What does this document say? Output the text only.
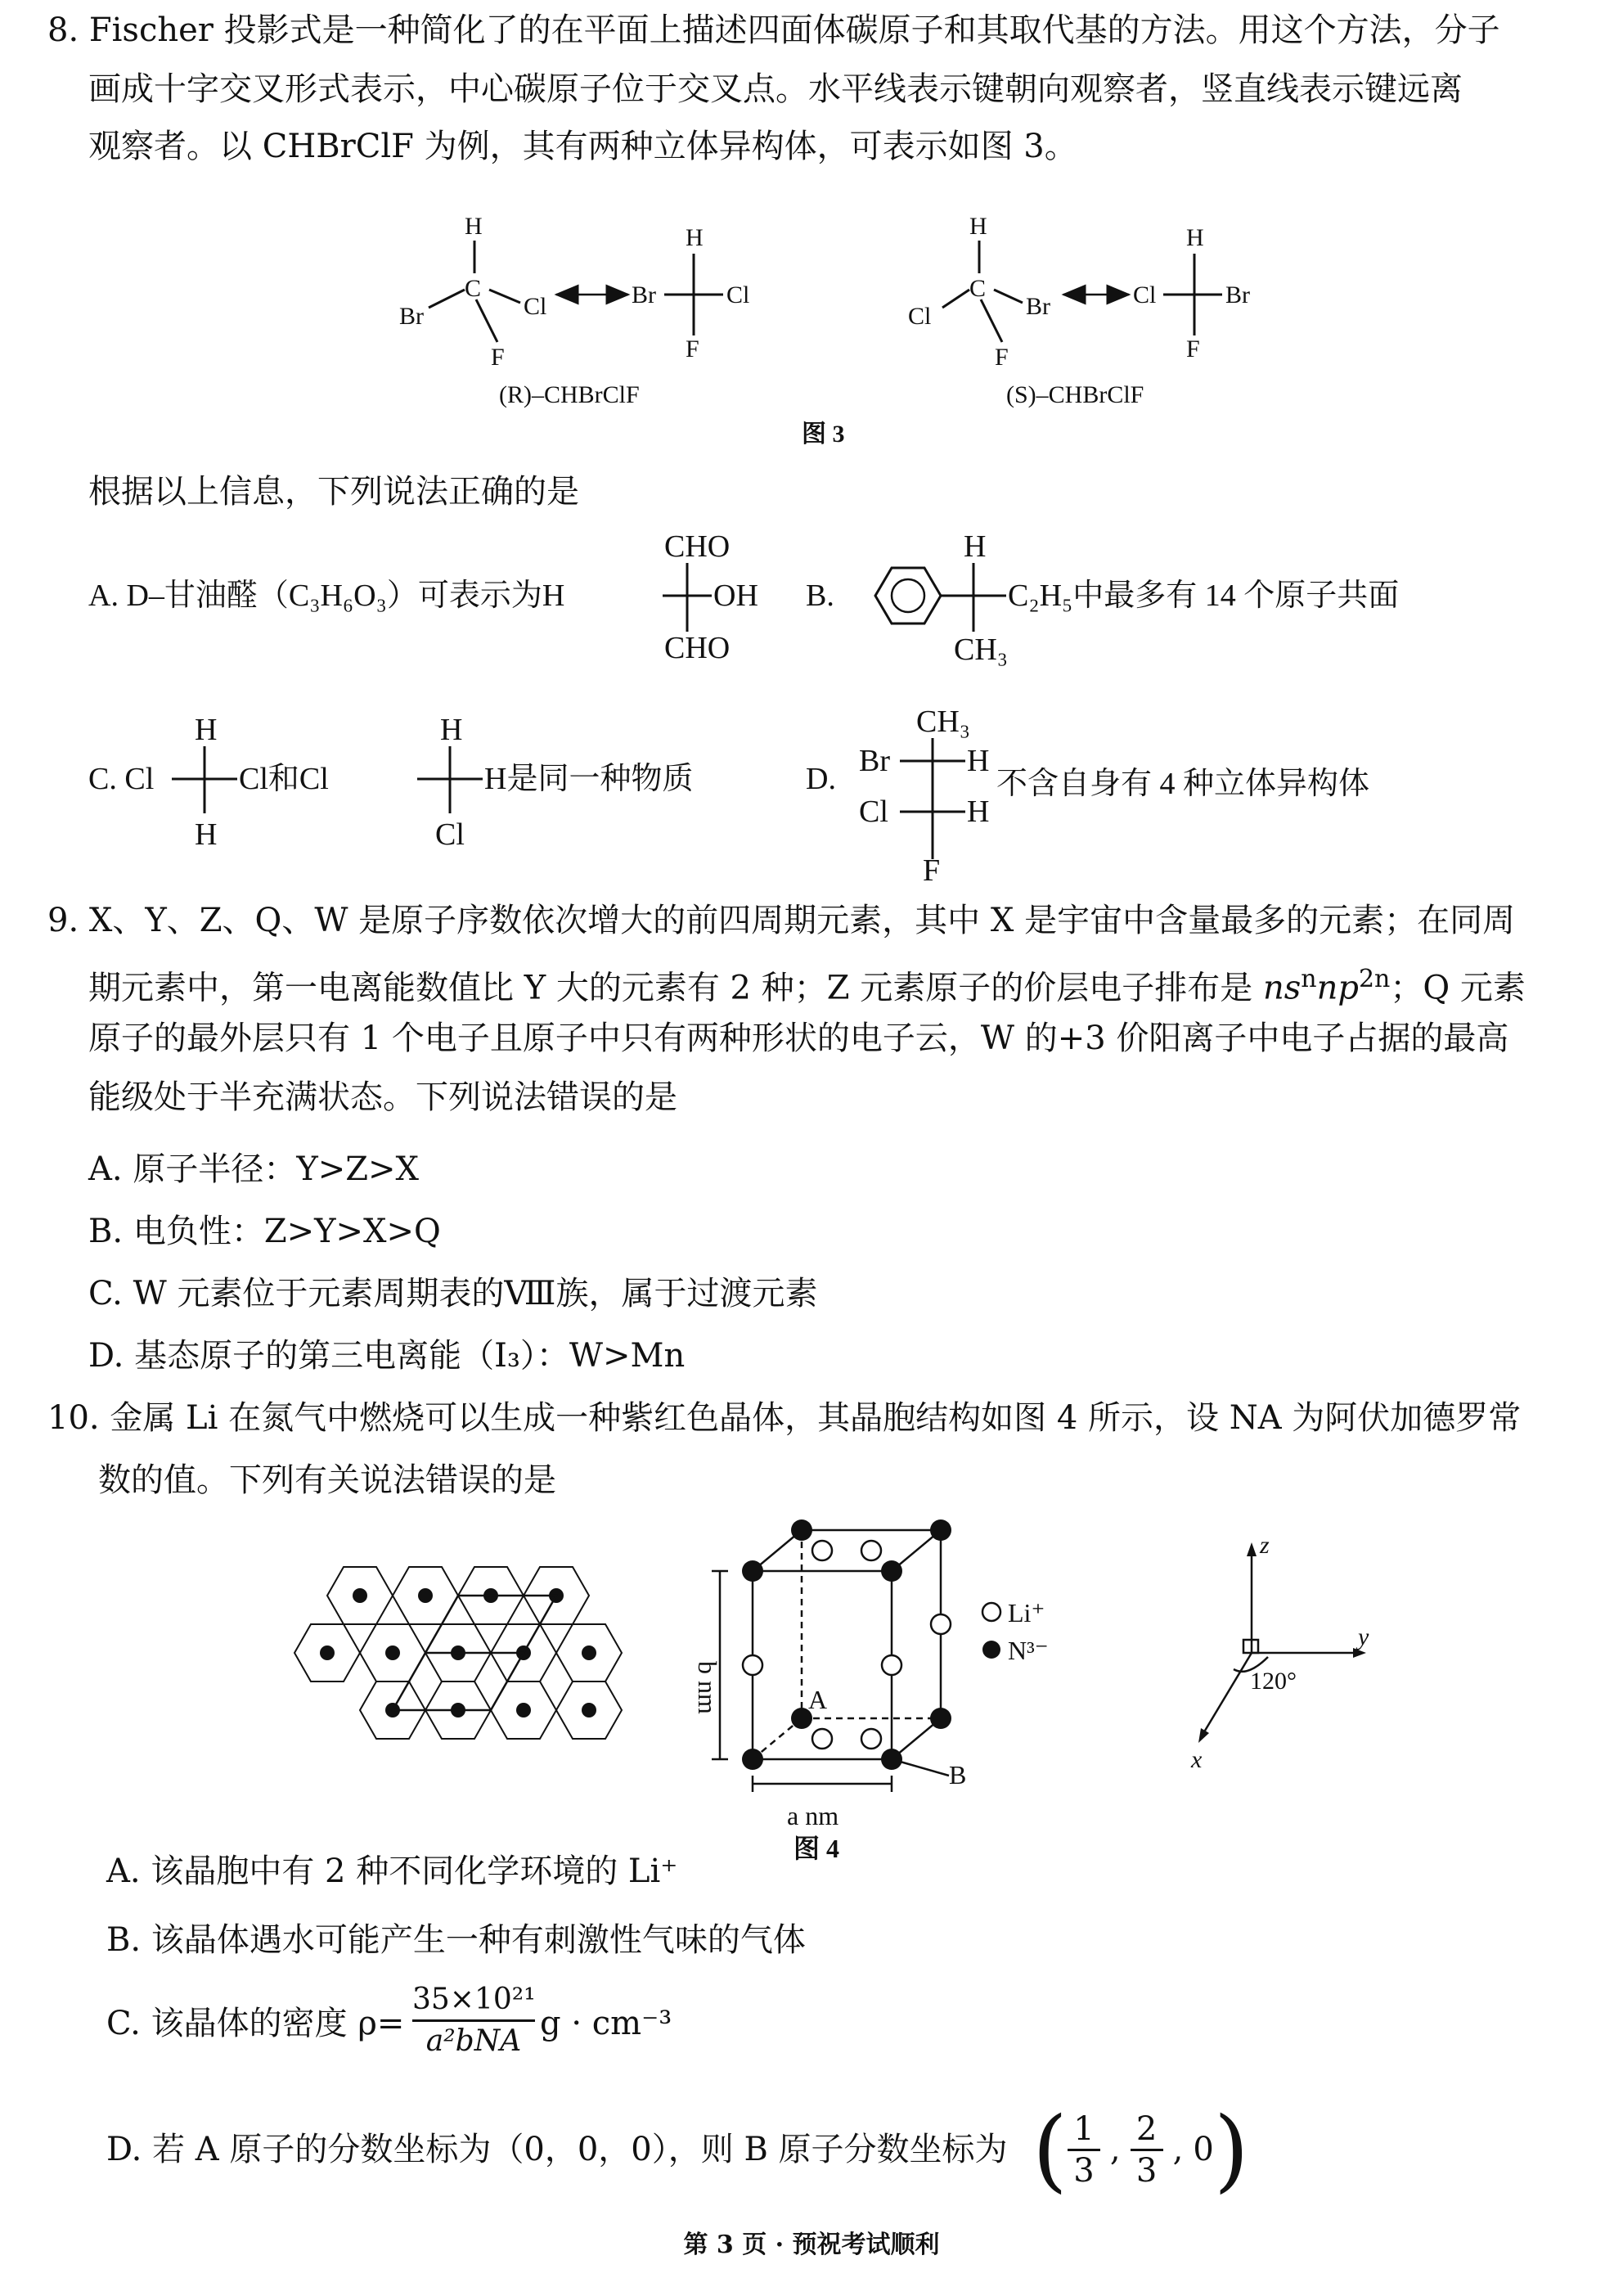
8. Fischer 投影式是一种简化了的在平面上描述四面体碳原子和其取代基的方法。用这个方法，分子
画成十字交叉形式表示，中心碳原子位于交叉点。水平线表示键朝向观察者，竖直线表示键远离
观察者。以 CHBrClF 为例，其有两种立体异构体，可表示如图 3。
H
C
Br	Cl
F
Br
H
Cl
F
(R)–CHBrClF
H
C
Cl	Br
F
Cl
H
Br
F
(S)–CHBrClF
图 3
根据以上信息，下列说法正确的是
A. D–甘油醛（C₃H₆O₃）可表示为H
CHO
OH
CHO
B.
H
C₂H₅中最多有 14 个原子共面
CH₃
C. Cl
H
H
Cl和Cl
H
Cl
H是同一种物质	D.
CH₃
Br H
Cl	H
F
不含自身有 4 种立体异构体
9. X、Y、Z、Q、W 是原子序数依次增大的前四周期元素，其中 X 是宇宙中含量最多的元素；在同周
期元素中，第一电离能数值比 Y 大的元素有 2 种；Z 元素原子的价层电子排布是 $ns^nnp^{2n}$；Q 元素
原子的最外层只有 1 个电子且原子中只有两种形状的电子云，W 的+3 价阳离子中电子占据的最高
能级处于半充满状态。下列说法错误的是
A. 原子半径：Y>Z>X
B. 电负性：Z>Y>X>Q
C. W 元素位于元素周期表的Ⅷ族，属于过渡元素
D. 基态原子的第三电离能（I₃）：W>Mn
10. 金属 Li 在氮气中燃烧可以生成一种紫红色晶体，其晶胞结构如图 4 所示，设 NA 为阿伏加德罗常
数的值。下列有关说法错误的是
Li⁺
N³⁻
A
B
a nm
b nm
图 4
z
y
x
120°
A. 该晶胞中有 2 种不同化学环境的 Li⁺
B. 该晶体遇水可能产生一种有刺激性气味的气体
C. 该晶体的密度 ρ=
35×10²¹
a²bNA g · cm⁻³
D. 若 A 原子的分数坐标为（0，0，0），则 B 原子分数坐标为 ( $\frac{1}{3}$ , $\frac{2}{3}$ , 0 )
第 3 页 · 预祝考试顺利
